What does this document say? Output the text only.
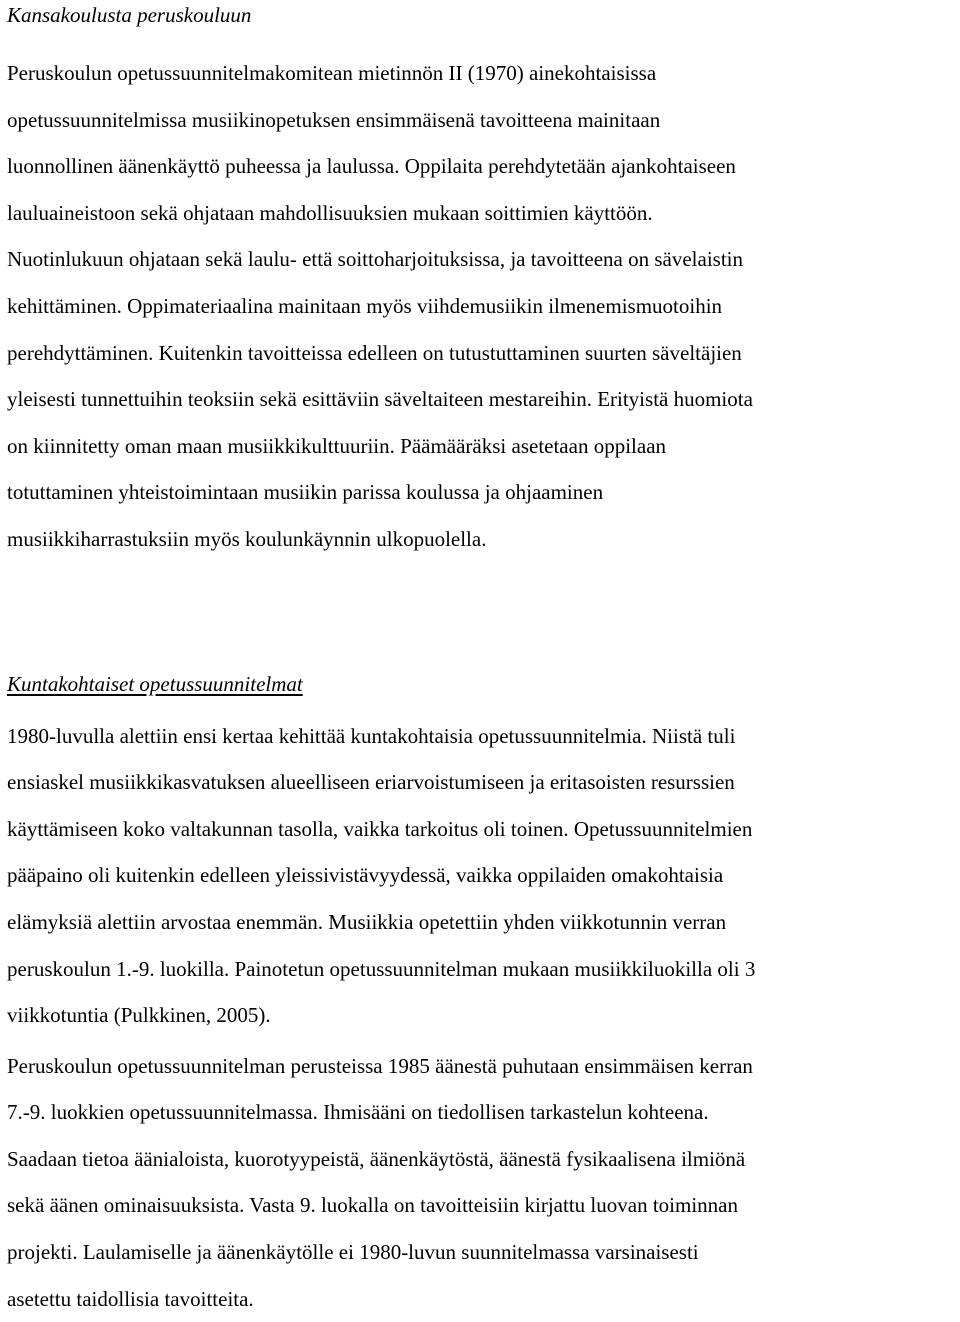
Kansakoulusta peruskouluun

Peruskoulun opetussuunnitelmakomitean mietinnön II (1970) ainekohtaisissa
opetussuunnitelmissa musiikinopetuksen ensimmäisenä tavoitteena mainitaan
luonnollinen äänenkäyttö puheessa ja laulussa. Oppilaita perehdytetään ajankohtaiseen
lauluaineistoon sekä ohjataan mahdollisuuksien mukaan soittimien käyttöön.
Nuotinlukuun ohjataan sekä laulu- että soittoharjoituksissa, ja tavoitteena on sävelaistin
kehittäminen. Oppimateriaalina mainitaan myös viihdemusiikin ilmenemismuotoihin
perehdyttäminen. Kuitenkin tavoitteissa edelleen on tutustuttaminen suurten säveltäjien
yleisesti tunnettuihin teoksiin sekä esittäviin säveltaiteen mestareihin. Erityistä huomiota
on kiinnitetty oman maan musiikkikulttuuriin. Päämääräksi asetetaan oppilaan
totuttaminen yhteistoimintaan musiikin parissa koulussa ja ohjaaminen
musiikkiharrastuksiin myös koulunkäynnin ulkopuolella.

Kuntakohtaiset opetussuunnitelmat

1980-luvulla alettiin ensi kertaa kehittää kuntakohtaisia opetussuunnitelmia. Niistä tuli
ensiaskel musiikkikasvatuksen alueelliseen eriarvoistumiseen ja eritasoisten resurssien
käyttämiseen koko valtakunnan tasolla, vaikka tarkoitus oli toinen. Opetussuunnitelmien
pääpaino oli kuitenkin edelleen yleissivistävyydessä, vaikka oppilaiden omakohtaisia
elämyksiä alettiin arvostaa enemmän. Musiikkia opetettiin yhden viikkotunnin verran
peruskoulun 1.-9. luokilla. Painotetun opetussuunnitelman mukaan musiikkiluokilla oli 3
viikkotuntia (Pulkkinen, 2005).

Peruskoulun opetussuunnitelman perusteissa 1985 äänestä puhutaan ensimmäisen kerran
7.-9. luokkien opetussuunnitelmassa. Ihmisääni on tiedollisen tarkastelun kohteena.
Saadaan tietoa äänialoista, kuorotyypeistä, äänenkäytöstä, äänestä fysikaalisena ilmiönä
sekä äänen ominaisuuksista. Vasta 9. luokalla on tavoitteisiin kirjattu luovan toiminnan
projekti. Laulamiselle ja äänenkäytölle ei 1980-luvun suunnitelmassa varsinaisesti
asetettu taidollisia tavoitteita.
